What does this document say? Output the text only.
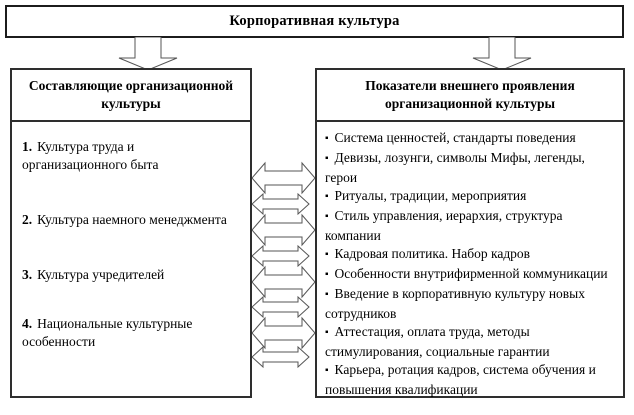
Корпоративная культура
Составляющие организационной культуры
1. Культура труда и организационного быта
2. Культура наемного менеджмента
3. Культура учредителей
4. Национальные культурные особенности
Показатели внешнего проявления организационной культуры
▪ Система ценностей, стандарты поведения
▪ Девизы, лозунги, символы Мифы, легенды, герои
▪ Ритуалы, традиции, мероприятия
▪ Стиль управления, иерархия, структура компании
▪ Кадровая политика. Набор кадров
▪ Особенности внутрифирменной коммуникации
▪ Введение в корпоративную культуру новых сотрудников
▪ Аттестация, оплата труда, методы стимулирования, социальные гарантии
▪ Карьера, ротация кадров, система обучения и повышения квалификации
